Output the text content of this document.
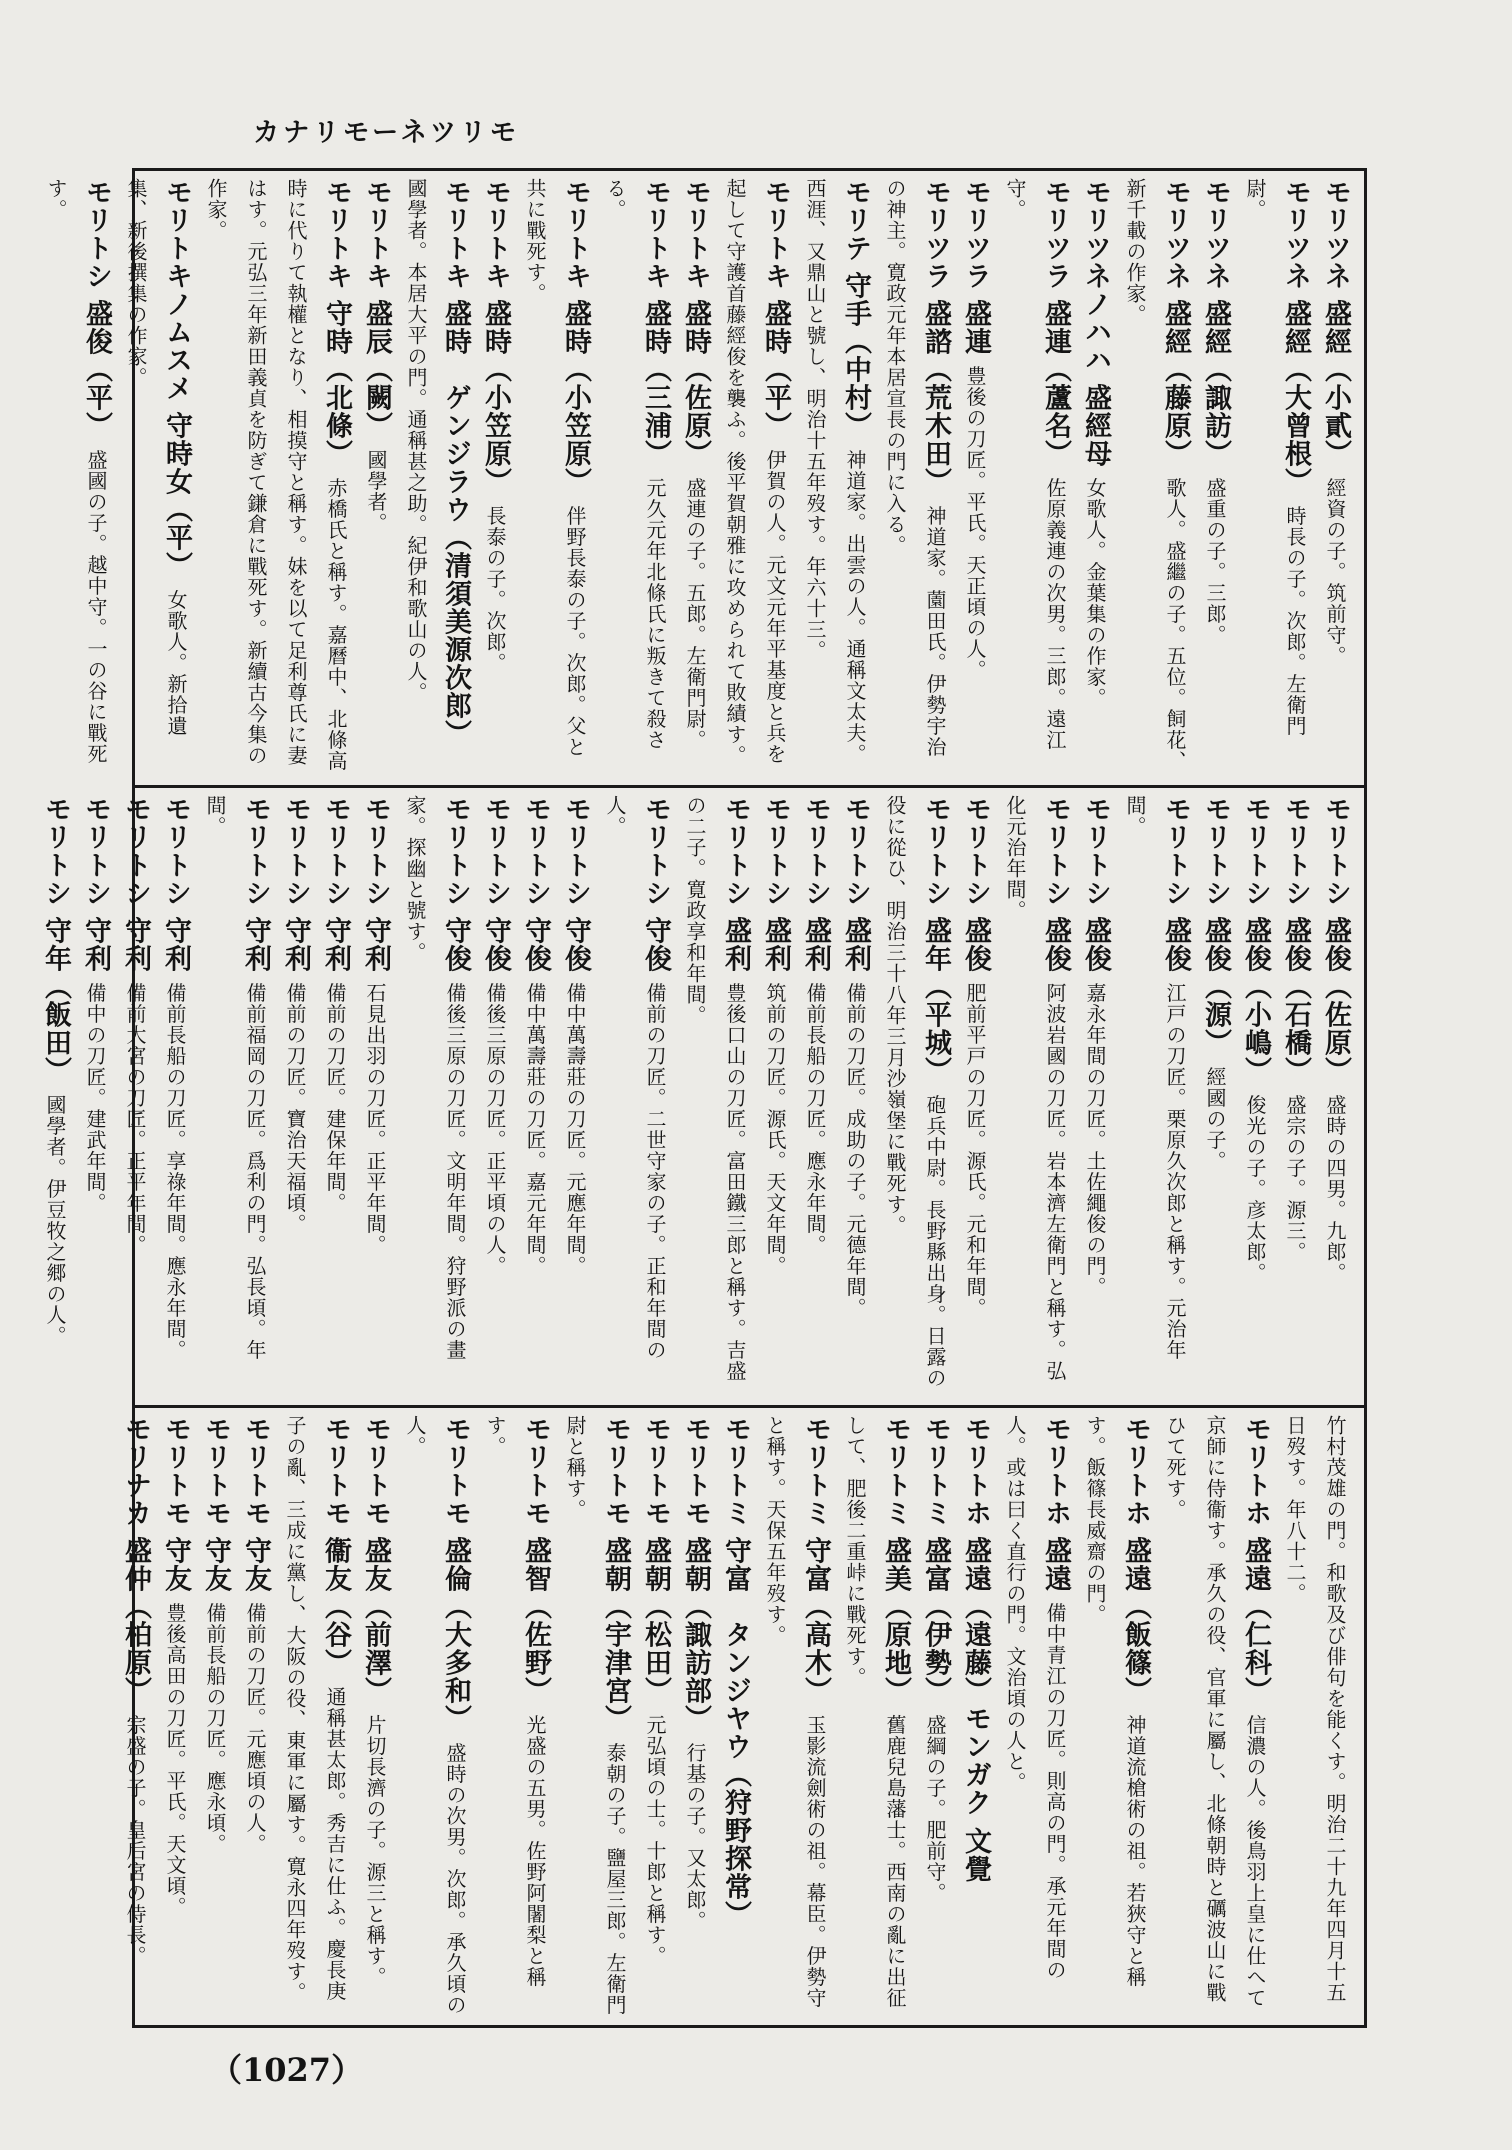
カナリモーネツリモ

モリツネ 盛經（小貳） 經資の子。筑前守。

モリツネ 盛經（大曾根） 時長の子。次郎。左衛門尉。

モリツネ 盛經（諏訪） 盛重の子。三郎。

モリツネ 盛經（藤原） 歌人。盛繼の子。五位。飼花、新千載の作家。

モリツネノハハ 盛經母 女歌人。金葉集の作家。

モリツラ 盛連（蘆名） 佐原義連の次男。三郎。遠江守。

モリツラ 盛連 豊後の刀匠。平氏。天正頃の人。

モリツラ 盛諮（荒木田） 神道家。薗田氏。伊勢宇治の神主。寛政元年本居宣長の門に入る。

モリテ 守手（中村） 神道家。出雲の人。通稱文太夫。西涯、又鼎山と號し、明治十五年歿す。年六十三。

モリトキ 盛時（平） 伊賀の人。元文元年平基度と兵を起して守護首藤經俊を襲ふ。後平賀朝雅に攻められて敗績す。

モリトキ 盛時（佐原） 盛連の子。五郎。左衛門尉。

モリトキ 盛時（三浦） 元久元年北條氏に叛きて殺さる。

モリトキ 盛時（小笠原） 伴野長泰の子。次郎。父と共に戰死す。

モリトキ 盛時（小笠原） 長泰の子。次郎。

モリトキ 盛時　ゲンジラウ（清須美源次郎） 國學者。本居大平の門。通稱甚之助。紀伊和歌山の人。

モリトキ 盛辰（闕） 國學者。

モリトキ 守時（北條） 赤橋氏と稱す。嘉曆中、北條高時に代りて執權となり、相摸守と稱す。妹を以て足利尊氏に妻はす。元弘三年新田義貞を防ぎて鎌倉に戰死す。新續古今集の作家。

モリトキノムスメ 守時女（平） 女歌人。新拾遺集、新後撰集の作家。

モリトシ 盛俊（平） 盛國の子。越中守。一の谷に戰死す。

モリトシ 盛俊（佐原） 盛時の四男。九郎。

モリトシ 盛俊（石橋） 盛宗の子。源三。

モリトシ 盛俊（小嶋） 俊光の子。彦太郎。

モリトシ 盛俊（源） 經國の子。

モリトシ 盛俊 江戸の刀匠。栗原久次郎と稱す。元治年間。

モリトシ 盛俊 嘉永年間の刀匠。土佐繩俊の門。

モリトシ 盛俊 阿波岩國の刀匠。岩本濟左衛門と稱す。弘化元治年間。

モリトシ 盛俊 肥前平戸の刀匠。源氏。元和年間。

モリトシ 盛年（平城） 砲兵中尉。長野縣出身。日露の役に從ひ、明治三十八年三月沙嶺堡に戰死す。

モリトシ 盛利 備前の刀匠。成助の子。元德年間。

モリトシ 盛利 備前長船の刀匠。應永年間。

モリトシ 盛利 筑前の刀匠。源氏。天文年間。

モリトシ 盛利 豊後口山の刀匠。富田鐵三郎と稱す。吉盛の二子。寛政享和年間。

モリトシ 守俊 備前の刀匠。二世守家の子。正和年間の人。

モリトシ 守俊 備中萬壽莊の刀匠。元應年間。

モリトシ 守俊 備中萬壽莊の刀匠。嘉元年間。

モリトシ 守俊 備後三原の刀匠。正平頃の人。

モリトシ 守俊 備後三原の刀匠。文明年間。狩野派の畫家。探幽と號す。

モリトシ 守利 石見出羽の刀匠。正平年間。

モリトシ 守利 備前の刀匠。建保年間。

モリトシ 守利 備前の刀匠。寶治天福頃。

モリトシ 守利 備前福岡の刀匠。爲利の門。弘長頃。年間。

モリトシ 守利 備前長船の刀匠。享祿年間。應永年間。

モリトシ 守利 備前大宮の刀匠。正平年間。

モリトシ 守利 備中の刀匠。建武年間。

モリトシ 守年（飯田） 國學者。伊豆牧之郷の人。

竹村茂雄の門。和歌及び俳句を能くす。明治二十九年四月十五日歿す。年八十二。

モリトホ 盛遠（仁科） 信濃の人。後鳥羽上皇に仕へて京師に侍衞す。承久の役、官軍に屬し、北條朝時と礪波山に戰ひて死す。

モリトホ 盛遠（飯篠） 神道流槍術の祖。若狹守と稱す。飯篠長威齋の門。

モリトホ 盛遠 備中青江の刀匠。則高の門。承元年間の人。或は曰く直行の門。文治頃の人と。

モリトホ 盛遠（遠藤）モンガク 文覺

モリトミ 盛富（伊勢） 盛綱の子。肥前守。

モリトミ 盛美（原地） 舊鹿兒島藩士。西南の亂に出征して、肥後二重峠に戰死す。

モリトミ 守富（高木） 玉影流劍術の祖。幕臣。伊勢守と稱す。天保五年歿す。

モリトミ 守富　タンジヤウ（狩野探常）

モリトモ 盛朝（諏訪部） 行基の子。又太郎。

モリトモ 盛朝（松田） 元弘頃の士。十郎と稱す。

モリトモ 盛朝（宇津宮） 泰朝の子。鹽屋三郎。左衛門尉と稱す。

モリトモ 盛智（佐野） 光盛の五男。佐野阿闍梨と稱す。

モリトモ 盛倫（大多和） 盛時の次男。次郎。承久頃の人。

モリトモ 盛友（前澤） 片切長濟の子。源三と稱す。

モリトモ 衞友（谷） 通稱甚太郎。秀吉に仕ふ。慶長庚子の亂、三成に黨し、大阪の役、東軍に屬す。寛永四年歿す。

モリトモ 守友 備前の刀匠。元應頃の人。

モリトモ 守友 備前長船の刀匠。應永頃。

モリトモ 守友 豊後高田の刀匠。平氏。天文頃。

モリナカ 盛仲（柏原） 宗盛の子。皇后宮の侍長。

（1027）
